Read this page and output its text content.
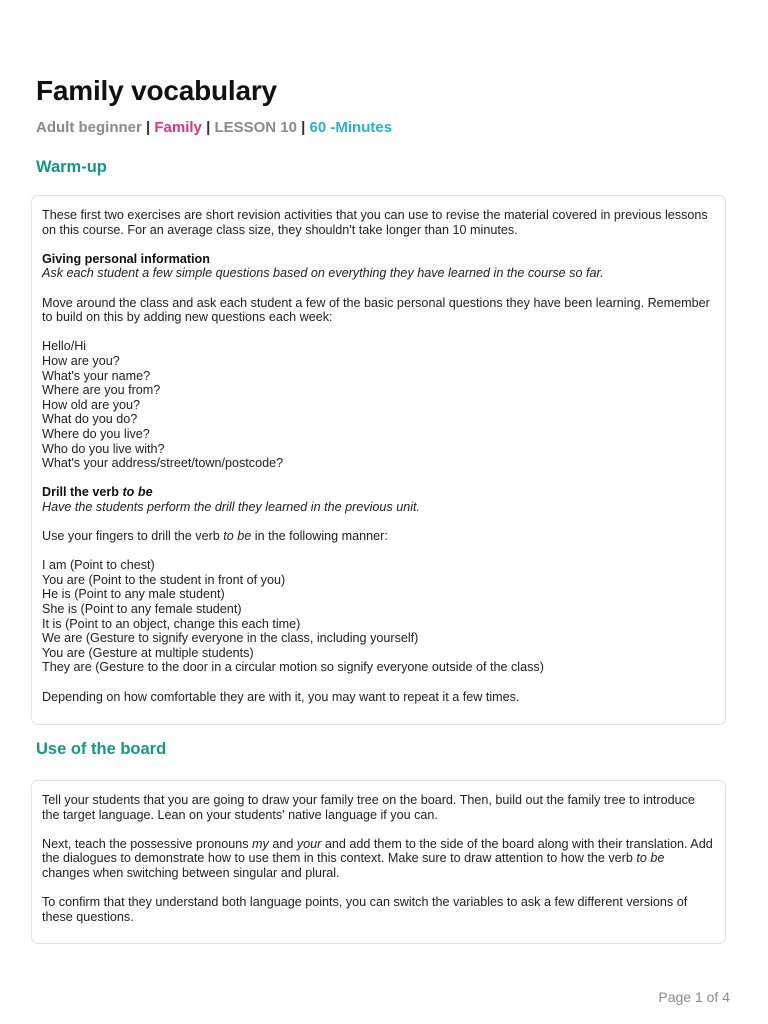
Family vocabulary
Adult beginner | Family | LESSON 10 | 60 -Minutes
Warm-up

These first two exercises are short revision activities that you can use to revise the material covered in previous lessons on this course. For an average class size, they shouldn't take longer than 10 minutes.

Giving personal information

Ask each student a few simple questions based on everything they have learned in the course so far.

Move around the class and ask each student a few of the basic personal questions they have been learning. Remember to build on this by adding new questions each week:

Hello/Hi

How are you?

What's your name?

Where are you from?

How old are you?

What do you do?

Where do you live?

Who do you live with?

What's your address/street/town/postcode?

Drill the verb to be

Have the students perform the drill they learned in the previous unit.

Use your fingers to drill the verb to be in the following manner:

I am (Point to chest)

You are (Point to the student in front of you)

He is (Point to any male student)

She is (Point to any female student)

It is (Point to an object, change this each time)

We are (Gesture to signify everyone in the class, including yourself)

You are (Gesture at multiple students)

They are (Gesture to the door in a circular motion so signify everyone outside of the class)

Depending on how comfortable they are with it, you may want to repeat it a few times.

Use of the board

Tell your students that you are going to draw your family tree on the board. Then, build out the family tree to introduce the target language. Lean on your students' native language if you can.

Next, teach the possessive pronouns my and your and add them to the side of the board along with their translation. Add the dialogues to demonstrate how to use them in this context. Make sure to draw attention to how the verb to be changes when switching between singular and plural.

To confirm that they understand both language points, you can switch the variables to ask a few different versions of these questions.

Page 1 of 4
